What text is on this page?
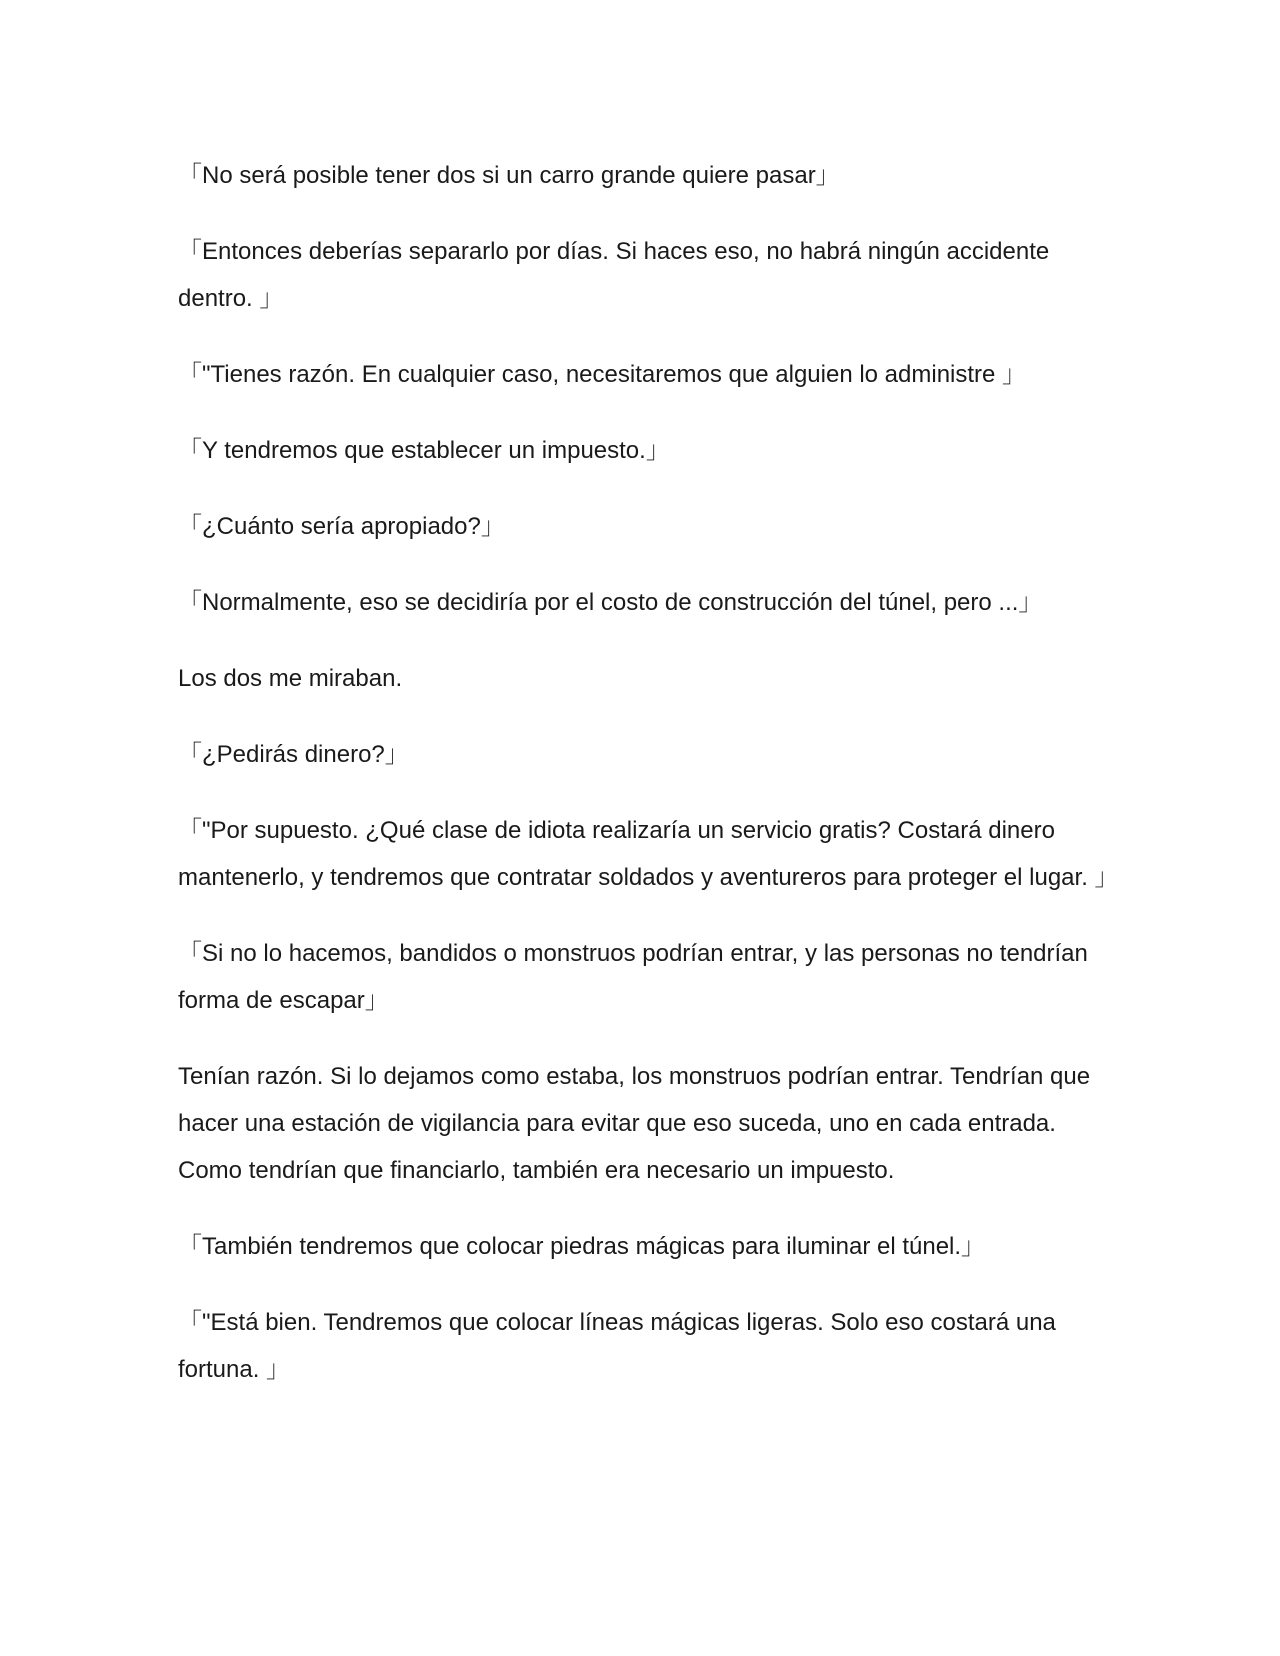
「No será posible tener dos si un carro grande quiere pasar」

「Entonces deberías separarlo por días. Si haces eso, no habrá ningún accidente dentro. 」

「"Tienes razón. En cualquier caso, necesitaremos que alguien lo administre 」

「Y tendremos que establecer un impuesto.」

「¿Cuánto sería apropiado?」

「Normalmente, eso se decidiría por el costo de construcción del túnel, pero ...」

Los dos me miraban.

「¿Pedirás dinero?」

「"Por supuesto. ¿Qué clase de idiota realizaría un servicio gratis? Costará dinero mantenerlo, y tendremos que contratar soldados y aventureros para proteger el lugar. 」

「Si no lo hacemos, bandidos o monstruos podrían entrar, y las personas no tendrían forma de escapar」

Tenían razón. Si lo dejamos como estaba, los monstruos podrían entrar. Tendrían que hacer una estación de vigilancia para evitar que eso suceda, uno en cada entrada. Como tendrían que financiarlo, también era necesario un impuesto.

「También tendremos que colocar piedras mágicas para iluminar el túnel.」

「"Está bien. Tendremos que colocar líneas mágicas ligeras. Solo eso costará una fortuna. 」
